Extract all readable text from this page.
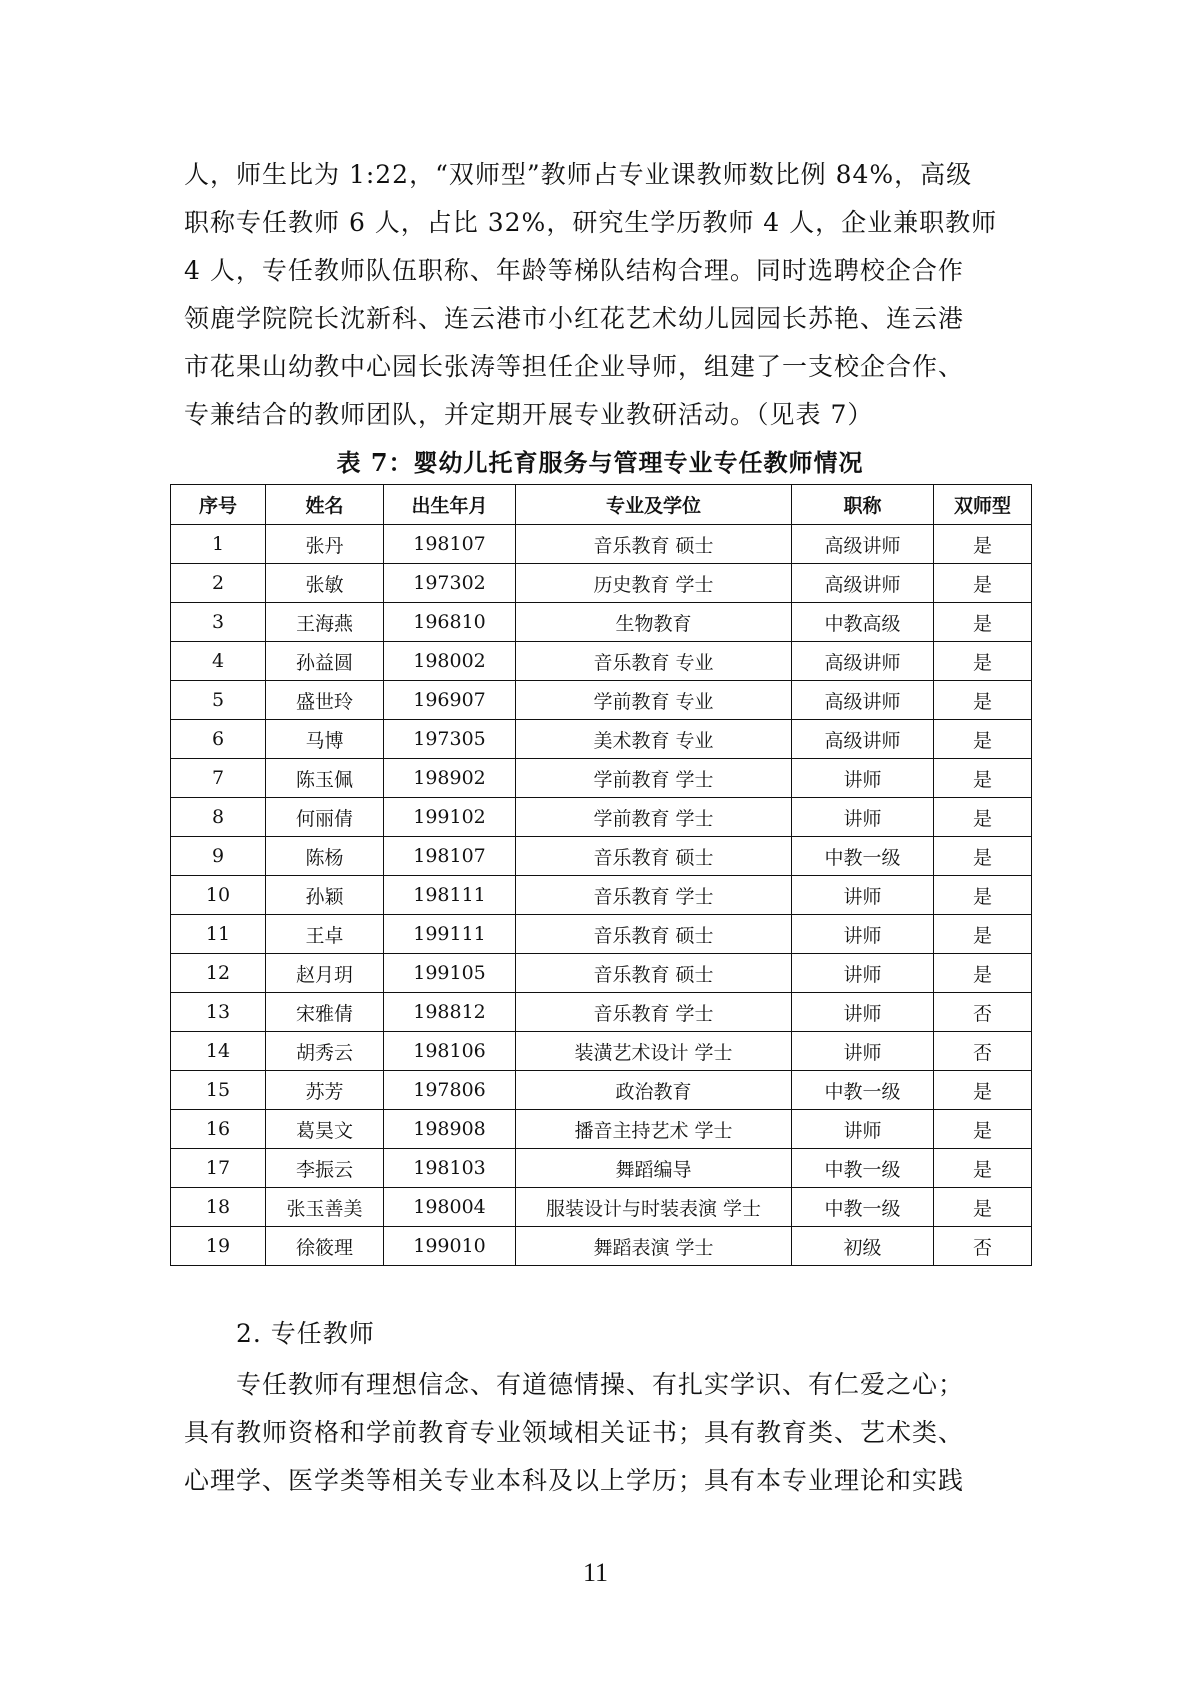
人，师生比为 1:22，“双师型”教师占专业课教师数比例 84%，高级
职称专任教师 6 人，占比 32%，研究生学历教师 4 人，企业兼职教师
4 人，专任教师队伍职称、年龄等梯队结构合理。同时选聘校企合作
领鹿学院院长沈新科、连云港市小红花艺术幼儿园园长苏艳、连云港
市花果山幼教中心园长张涛等担任企业导师，组建了一支校企合作、
专兼结合的教师团队，并定期开展专业教研活动。（见表 7）
表 7：婴幼儿托育服务与管理专业专任教师情况
序号	姓名	出生年月	专业及学位	职称	双师型
1	张丹	198107	音乐教育 硕士	高级讲师	是
2	张敏	197302	历史教育 学士	高级讲师	是
3	王海燕	196810	生物教育	中教高级	是
4	孙益圆	198002	音乐教育 专业	高级讲师	是
5	盛世玲	196907	学前教育 专业	高级讲师	是
6	马博	197305	美术教育 专业	高级讲师	是
7	陈玉佩	198902	学前教育 学士	讲师	是
8	何丽倩	199102	学前教育 学士	讲师	是
9	陈杨	198107	音乐教育 硕士	中教一级	是
10	孙颖	198111	音乐教育 学士	讲师	是
11	王卓	199111	音乐教育 硕士	讲师	是
12	赵月玥	199105	音乐教育 硕士	讲师	是
13	宋雅倩	198812	音乐教育 学士	讲师	否
14	胡秀云	198106	装潢艺术设计 学士	讲师	否
15	苏芳	197806	政治教育	中教一级	是
16	葛昊文	198908	播音主持艺术 学士	讲师	是
17	李振云	198103	舞蹈编导	中教一级	是
18	张玉善美	198004	服装设计与时装表演 学士	中教一级	是
19	徐筱理	199010	舞蹈表演 学士	初级	否
2. 专任教师
专任教师有理想信念、有道德情操、有扎实学识、有仁爱之心；
具有教师资格和学前教育专业领域相关证书；具有教育类、艺术类、
心理学、医学类等相关专业本科及以上学历；具有本专业理论和实践
11
